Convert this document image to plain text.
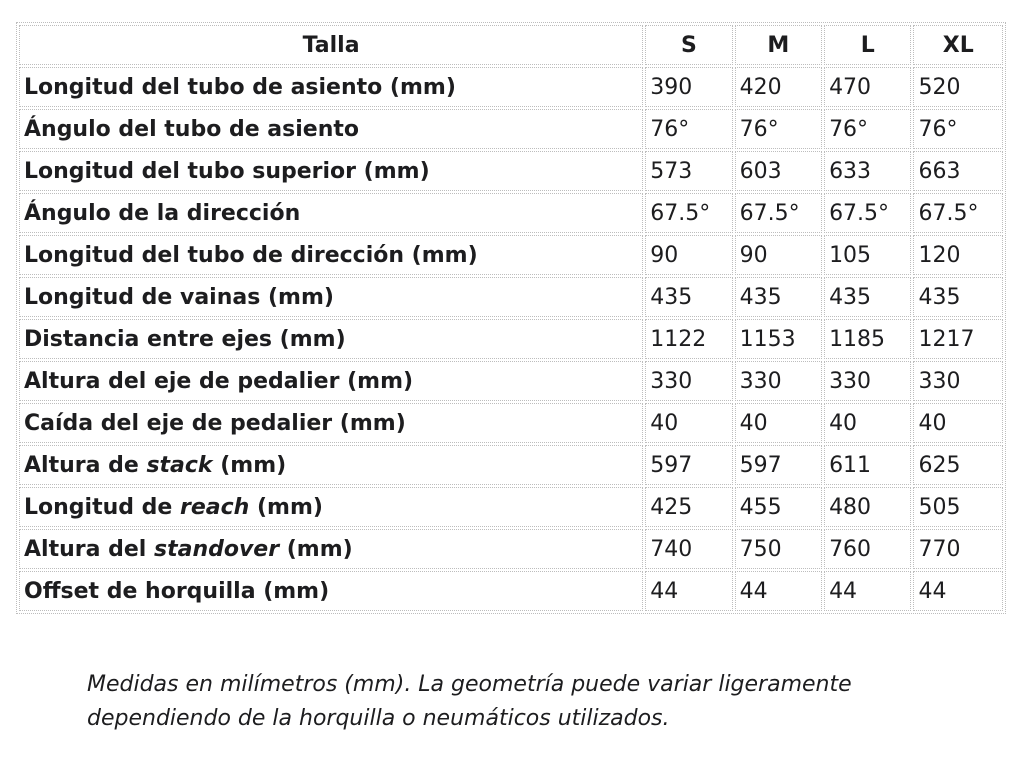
Talla	S	M	L	XL
Longitud del tubo de asiento (mm)	390	420	470	520
Ángulo del tubo de asiento	76°	76°	76°	76°
Longitud del tubo superior (mm)	573	603	633	663
Ángulo de la dirección	67.5°	67.5°	67.5°	67.5°
Longitud del tubo de dirección (mm)	90	90	105	120
Longitud de vainas (mm)	435	435	435	435
Distancia entre ejes (mm)	1122	1153	1185	1217
Altura del eje de pedalier (mm)	330	330	330	330
Caída del eje de pedalier (mm)	40	40	40	40
Altura de stack (mm)	597	597	611	625
Longitud de reach (mm)	425	455	480	505
Altura del standover (mm)	740	750	760	770
Offset de horquilla (mm)	44	44	44	44
Medidas en milímetros (mm). La geometría puede variar ligeramente dependiendo de la horquilla o neumáticos utilizados.
